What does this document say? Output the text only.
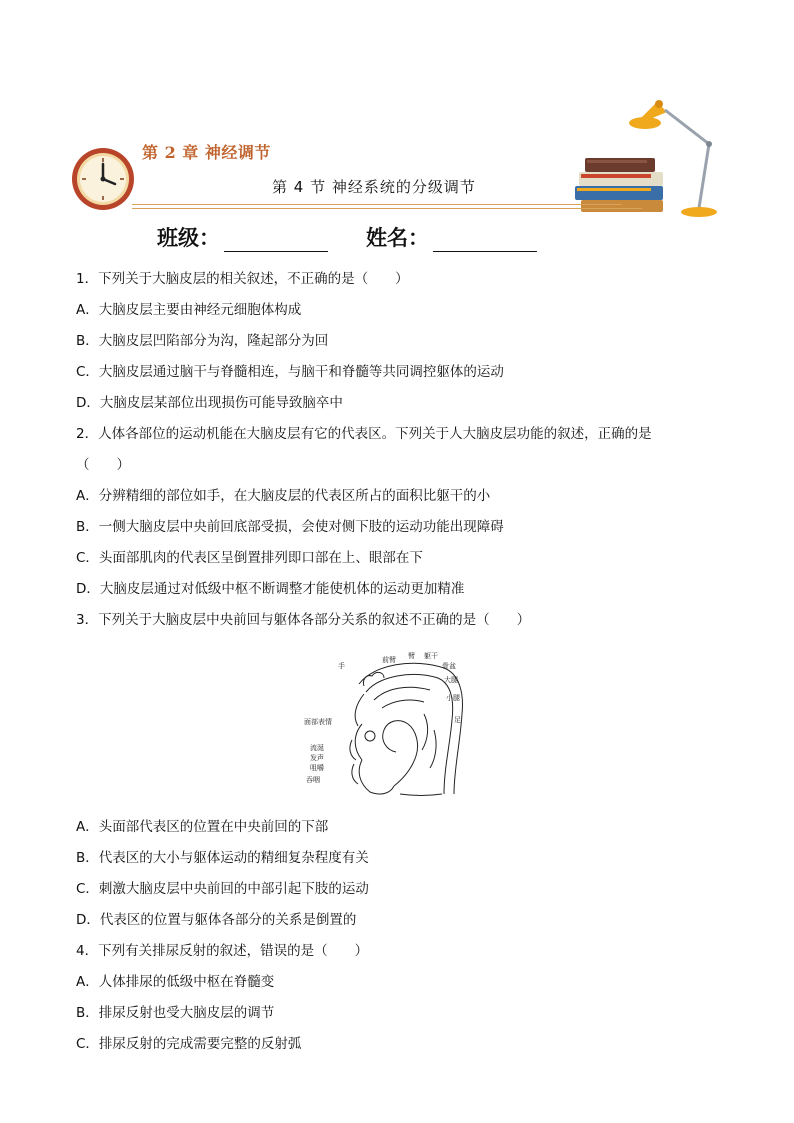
第 2 章 神经调节
第 4 节 神经系统的分级调节
班级：	姓名：
1．下列关于大脑皮层的相关叙述，不正确的是（　　）
A．大脑皮层主要由神经元细胞体构成
B．大脑皮层凹陷部分为沟，隆起部分为回
C．大脑皮层通过脑干与脊髓相连，与脑干和脊髓等共同调控躯体的运动
D．大脑皮层某部位出现损伤可能导致脑卒中
2．人体各部位的运动机能在大脑皮层有它的代表区。下列关于人大脑皮层功能的叙述，正确的是
（　　）
A．分辨精细的部位如手，在大脑皮层的代表区所占的面积比躯干的小
B．一侧大脑皮层中央前回底部受损，会使对侧下肢的运动功能出现障碍
C．头面部肌肉的代表区呈倒置排列即口部在上、眼部在下
D．大脑皮层通过对低级中枢不断调整才能使机体的运动更加精准
3．下列关于大脑皮层中央前回与躯体各部分关系的叙述不正确的是（　　）
手
前臂 臂 躯干
骨盆
大腿
小腿
足
面部表情
流涎
发声
咀嚼
吞咽
A．头面部代表区的位置在中央前回的下部
B．代表区的大小与躯体运动的精细复杂程度有关
C．刺激大脑皮层中央前回的中部引起下肢的运动
D．代表区的位置与躯体各部分的关系是倒置的
4．下列有关排尿反射的叙述，错误的是（　　）
A．人体排尿的低级中枢在脊髓变
B．排尿反射也受大脑皮层的调节
C．排尿反射的完成需要完整的反射弧
